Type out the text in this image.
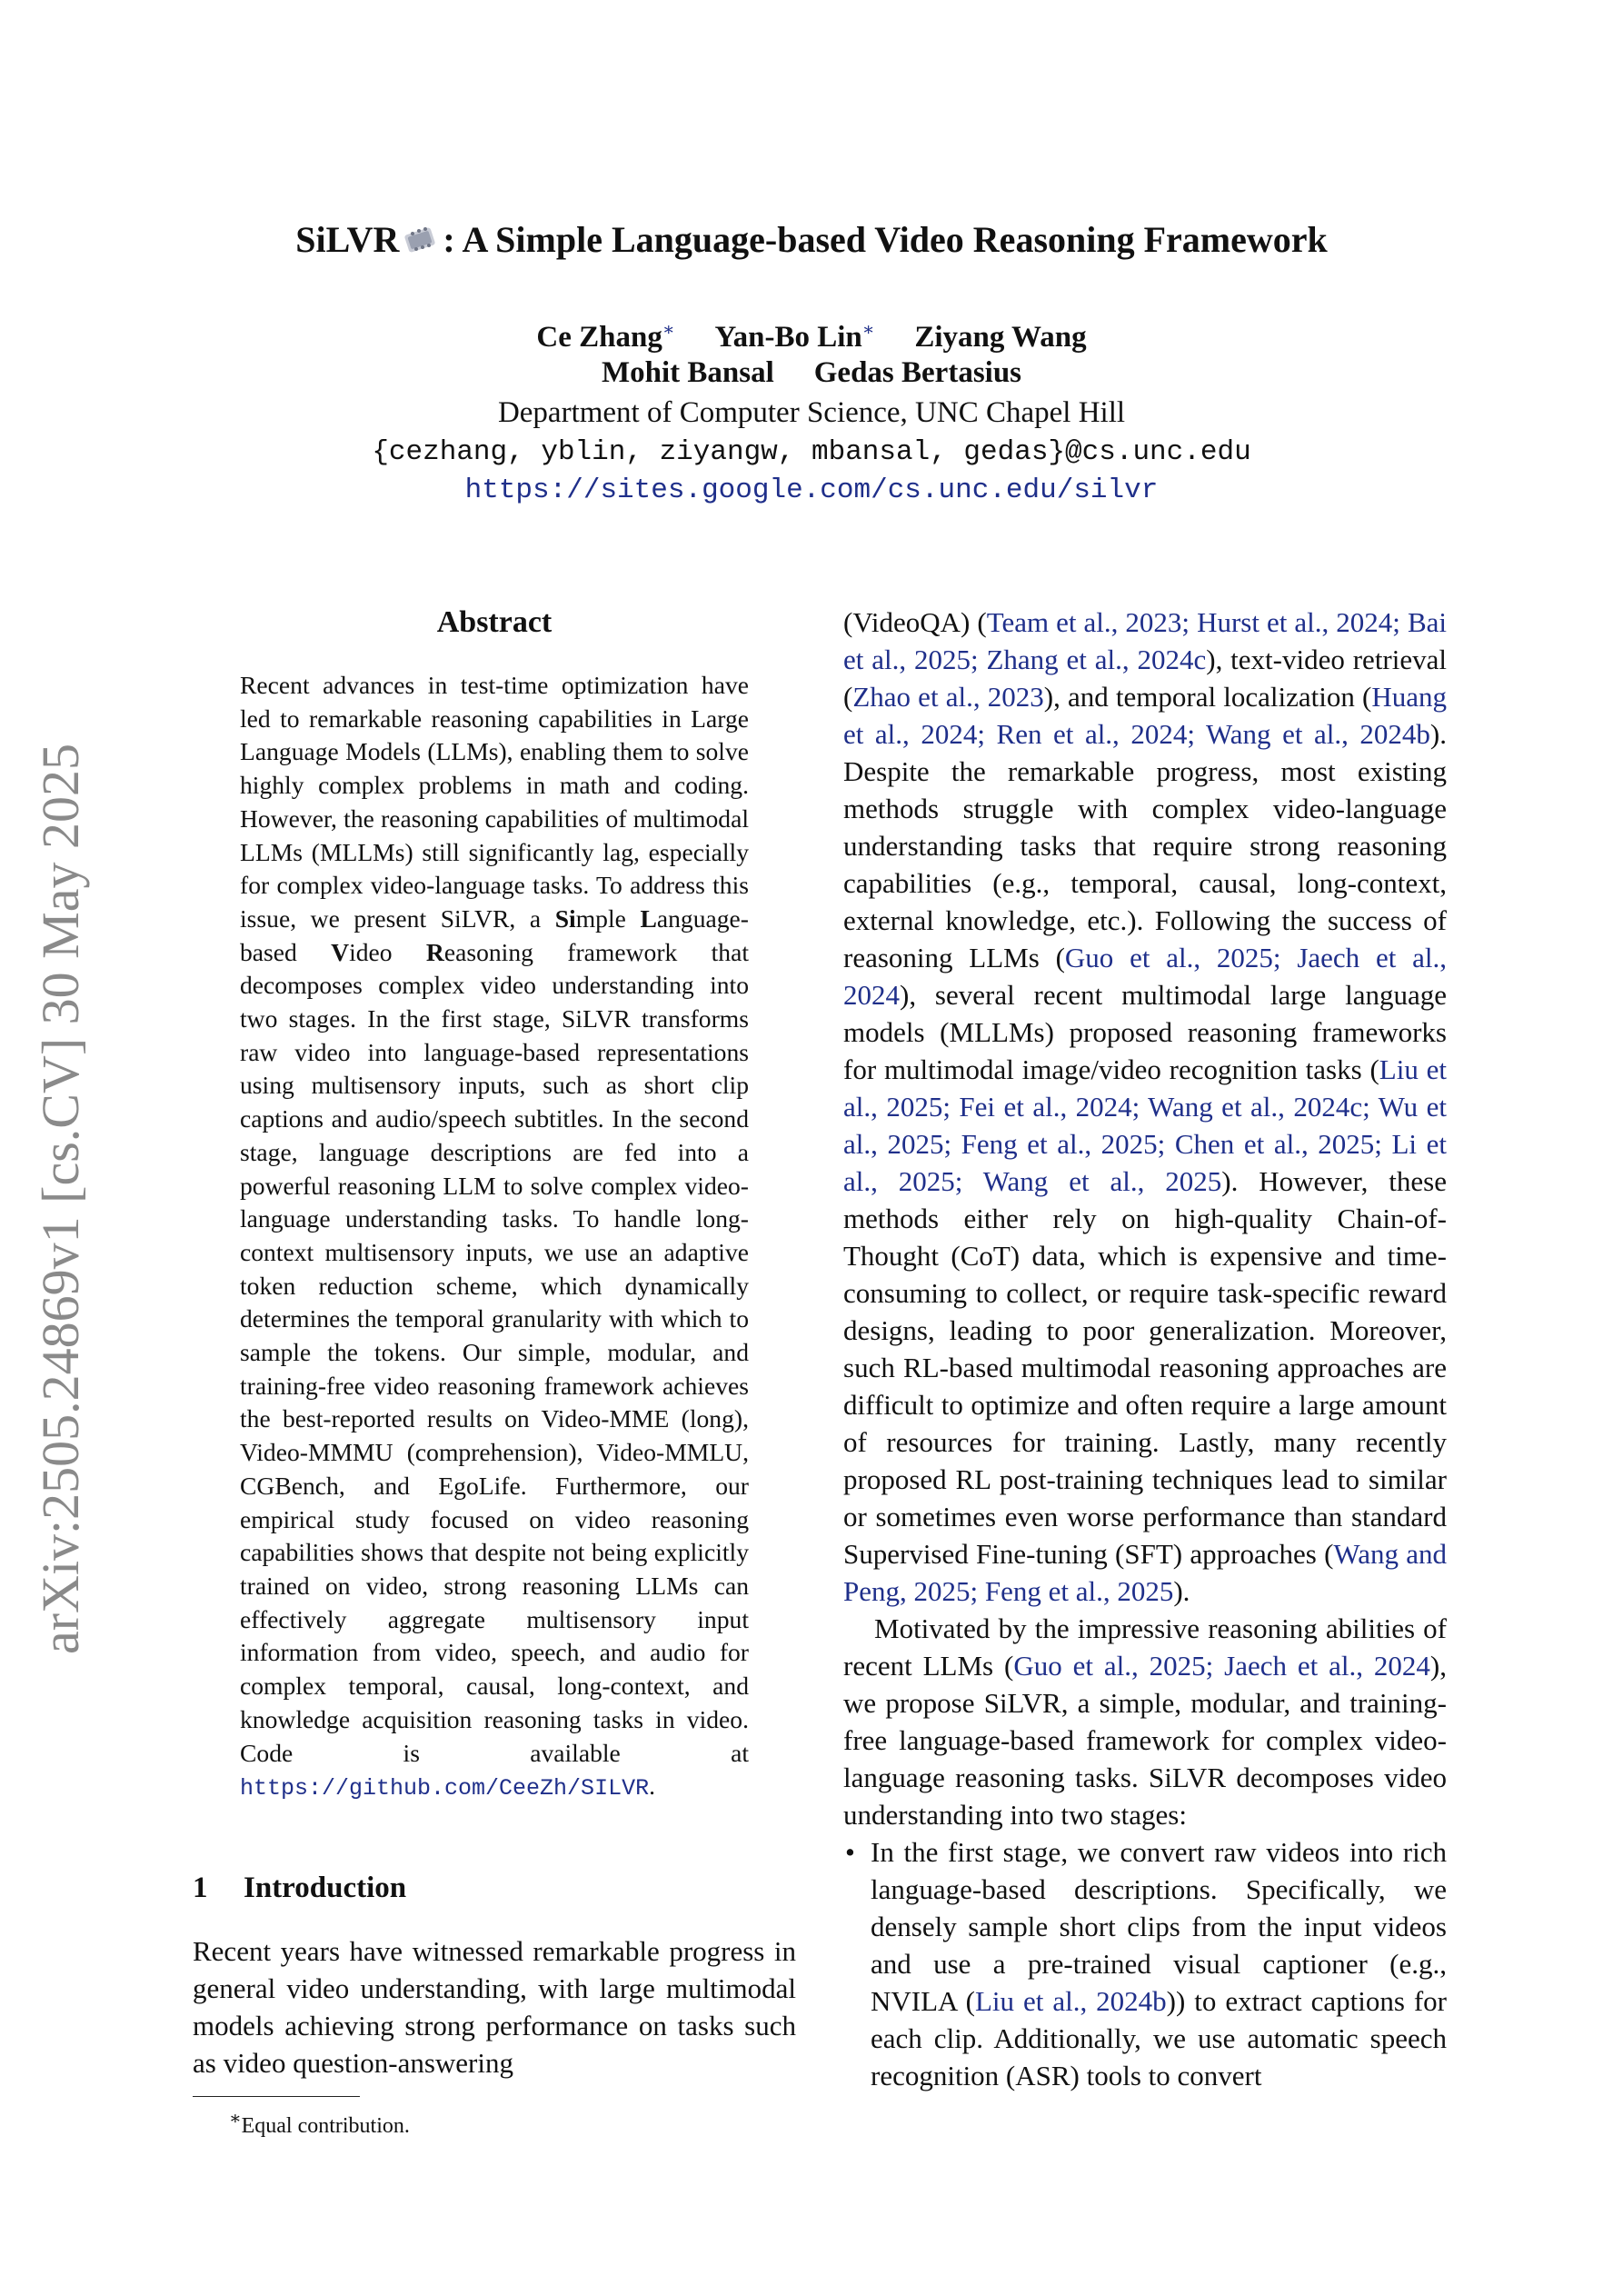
arXiv:2505.24869v1 [cs.CV] 30 May 2025
SiLVR : A Simple Language-based Video Reasoning Framework
Ce Zhang∗ Yan-Bo Lin∗ Ziyang Wang
Mohit Bansal Gedas Bertasius
Department of Computer Science, UNC Chapel Hill
{cezhang, yblin, ziyangw, mbansal, gedas}@cs.unc.edu
https://sites.google.com/cs.unc.edu/silvr
Abstract
Recent advances in test-time optimization have led to remarkable reasoning capabilities in Large Language Models (LLMs), enabling them to solve highly complex problems in math and coding. However, the reasoning capabilities of multimodal LLMs (MLLMs) still significantly lag, especially for complex video-language tasks. To address this issue, we present SiLVR, a Simple Language-based Video Reasoning framework that decomposes complex video understanding into two stages. In the first stage, SiLVR transforms raw video into language-based representations using multisensory inputs, such as short clip captions and audio/speech subtitles. In the second stage, language descriptions are fed into a powerful reasoning LLM to solve complex video-language understanding tasks. To handle long-context multisensory inputs, we use an adaptive token reduction scheme, which dynamically determines the temporal granularity with which to sample the tokens. Our simple, modular, and training-free video reasoning framework achieves the best-reported results on Video-MME (long), Video-MMMU (comprehension), Video-MMLU, CGBench, and EgoLife. Furthermore, our empirical study focused on video reasoning capabilities shows that despite not being explicitly trained on video, strong reasoning LLMs can effectively aggregate multisensory input information from video, speech, and audio for complex temporal, causal, long-context, and knowledge acquisition reasoning tasks in video. Code is available at https://github.com/CeeZh/SILVR.
1 Introduction
Recent years have witnessed remarkable progress in general video understanding, with large multimodal models achieving strong performance on tasks such as video question-answering
∗Equal contribution.

(VideoQA) (Team et al., 2023; Hurst et al., 2024; Bai et al., 2025; Zhang et al., 2024c), text-video retrieval (Zhao et al., 2023), and temporal localization (Huang et al., 2024; Ren et al., 2024; Wang et al., 2024b). Despite the remarkable progress, most existing methods struggle with complex video-language understanding tasks that require strong reasoning capabilities (e.g., temporal, causal, long-context, external knowledge, etc.). Following the success of reasoning LLMs (Guo et al., 2025; Jaech et al., 2024), several recent multimodal large language models (MLLMs) proposed reasoning frameworks for multimodal image/video recognition tasks (Liu et al., 2025; Fei et al., 2024; Wang et al., 2024c; Wu et al., 2025; Feng et al., 2025; Chen et al., 2025; Li et al., 2025; Wang et al., 2025). However, these methods either rely on high-quality Chain-of-Thought (CoT) data, which is expensive and time-consuming to collect, or require task-specific reward designs, leading to poor generalization. Moreover, such RL-based multimodal reasoning approaches are difficult to optimize and often require a large amount of resources for training. Lastly, many recently proposed RL post-training techniques lead to similar or sometimes even worse performance than standard Supervised Fine-tuning (SFT) approaches (Wang and Peng, 2025; Feng et al., 2025).

Motivated by the impressive reasoning abilities of recent LLMs (Guo et al., 2025; Jaech et al., 2024), we propose SiLVR, a simple, modular, and training-free language-based framework for complex video-language reasoning tasks. SiLVR decomposes video understanding into two stages:

• In the first stage, we convert raw videos into rich language-based descriptions. Specifically, we densely sample short clips from the input videos and use a pre-trained visual captioner (e.g., NVILA (Liu et al., 2024b)) to extract captions for each clip. Additionally, we use automatic speech recognition (ASR) tools to convert
